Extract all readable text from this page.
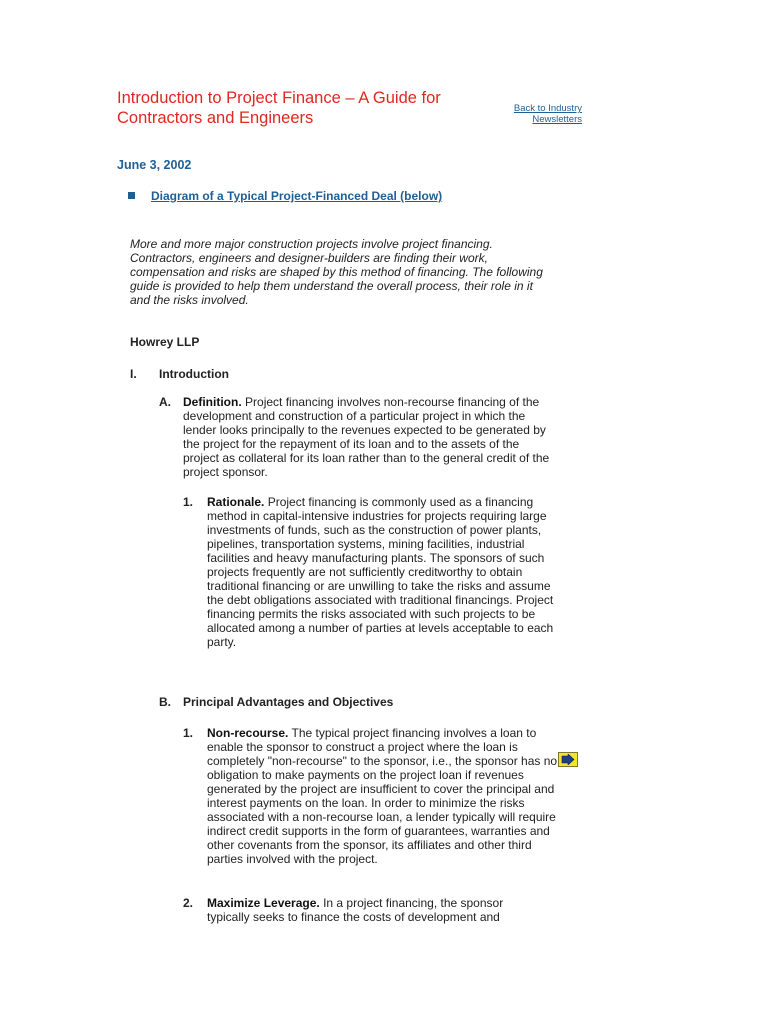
Introduction to Project Finance – A Guide for Contractors and Engineers
Back to Industry Newsletters
June 3, 2002
Diagram of a Typical Project-Financed Deal (below)

More and more major construction projects involve project financing. Contractors, engineers and designer-builders are finding their work, compensation and risks are shaped by this method of financing. The following guide is provided to help them understand the overall process, their role in it and the risks involved.

Howrey LLP
I. Introduction
A. Definition. Project financing involves non-recourse financing of the development and construction of a particular project in which the lender looks principally to the revenues expected to be generated by the project for the repayment of its loan and to the assets of the project as collateral for its loan rather than to the general credit of the project sponsor.

1. Rationale. Project financing is commonly used as a financing method in capital-intensive industries for projects requiring large investments of funds, such as the construction of power plants, pipelines, transportation systems, mining facilities, industrial facilities and heavy manufacturing plants. The sponsors of such projects frequently are not sufficiently creditworthy to obtain traditional financing or are unwilling to take the risks and assume the debt obligations associated with traditional financings. Project financing permits the risks associated with such projects to be allocated among a number of parties at levels acceptable to each party.

B. Principal Advantages and Objectives
1. Non-recourse. The typical project financing involves a loan to enable the sponsor to construct a project where the loan is completely "non-recourse" to the sponsor, i.e., the sponsor has no obligation to make payments on the project loan if revenues generated by the project are insufficient to cover the principal and interest payments on the loan. In order to minimize the risks associated with a non-recourse loan, a lender typically will require indirect credit supports in the form of guarantees, warranties and other covenants from the sponsor, its affiliates and other third parties involved with the project.

2. Maximize Leverage. In a project financing, the sponsor typically seeks to finance the costs of development and
